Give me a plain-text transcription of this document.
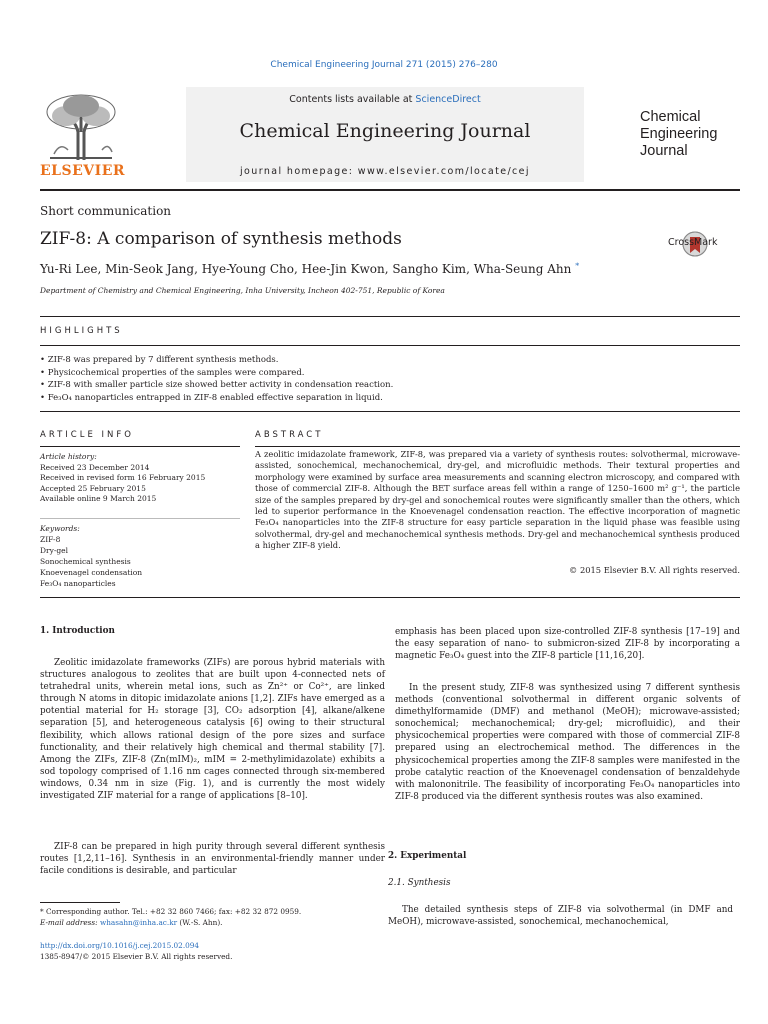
Chemical Engineering Journal 271 (2015) 276–280
ELSEVIER
Contents lists available at ScienceDirect
Chemical Engineering Journal
journal homepage: www.elsevier.com/locate/cej
Chemical
Engineering
Journal
Short communication
ZIF-8: A comparison of synthesis methods	CrossMark
Yu-Ri Lee, Min-Seok Jang, Hye-Young Cho, Hee-Jin Kwon, Sangho Kim, Wha-Seung Ahn *
Department of Chemistry and Chemical Engineering, Inha University, Incheon 402-751, Republic of Korea
HIGHLIGHTS
• ZIF-8 was prepared by 7 different synthesis methods.
• Physicochemical properties of the samples were compared.
• ZIF-8 with smaller particle size showed better activity in condensation reaction.
• Fe₃O₄ nanoparticles entrapped in ZIF-8 enabled effective separation in liquid.
ARTICLE INFO	ABSTRACT
Article history:
Received 23 December 2014
Received in revised form 16 February 2015
Accepted 25 February 2015
Available online 9 March 2015
Keywords:
ZIF-8
Dry-gel
Sonochemical synthesis
Knoevenagel condensation
Fe₃O₄ nanoparticles

A zeolitic imidazolate framework, ZIF-8, was prepared via a variety of synthesis routes: solvothermal, microwave-assisted, sonochemical, mechanochemical, dry-gel, and microfluidic methods. Their textural properties and morphology were examined by surface area measurements and scanning electron microscopy, and compared with those of commercial ZIF-8. Although the BET surface areas fell within a range of 1250–1600 m² g⁻¹, the particle size of the samples prepared by dry-gel and sonochemical routes were significantly smaller than the others, which led to superior performance in the Knoevenagel condensation reaction. The effective incorporation of magnetic Fe₃O₄ nanoparticles into the ZIF-8 structure for easy particle separation in the liquid phase was feasible using solvothermal, dry-gel and mechanochemical synthesis methods. Dry-gel and mechanochemical synthesis produced a higher ZIF-8 yield.

© 2015 Elsevier B.V. All rights reserved.
1. Introduction

Zeolitic imidazolate frameworks (ZIFs) are porous hybrid materials with structures analogous to zeolites that are built upon 4-connected nets of tetrahedral units, wherein metal ions, such as Zn²⁺ or Co²⁺, are linked through N atoms in ditopic imidazolate anions [1,2]. ZIFs have emerged as a potential material for H₂ storage [3], CO₂ adsorption [4], alkane/alkene separation [5], and heterogeneous catalysis [6] owing to their structural flexibility, which allows rational design of the pore sizes and surface functionality, and their relatively high chemical and thermal stability [7]. Among the ZIFs, ZIF-8 (Zn(mIM)₂, mIM = 2-methylimidazolate) exhibits a sod topology comprised of 1.16 nm cages connected through six-membered windows, 0.34 nm in size (Fig. 1), and is currently the most widely investigated ZIF material for a range of applications [8–10].

ZIF-8 can be prepared in high purity through several different synthesis routes [1,2,11–16]. Synthesis in an environmental-friendly manner under facile conditions is desirable, and particular

emphasis has been placed upon size-controlled ZIF-8 synthesis [17–19] and the easy separation of nano- to submicron-sized ZIF-8 by incorporating a magnetic Fe₃O₄ guest into the ZIF-8 particle [11,16,20].

In the present study, ZIF-8 was synthesized using 7 different synthesis methods (conventional solvothermal in different organic solvents of dimethylformamide (DMF) and methanol (MeOH); microwave-assisted; sonochemical; mechanochemical; dry-gel; microfluidic), and their physicochemical properties were compared with those of commercial ZIF-8 prepared using an electrochemical method. The differences in the physicochemical properties among the ZIF-8 samples were manifested in the probe catalytic reaction of the Knoevenagel condensation of benzaldehyde with malononitrile. The feasibility of incorporating Fe₃O₄ nanoparticles into ZIF-8 produced via the different synthesis routes was also examined.

2. Experimental
2.1. Synthesis

The detailed synthesis steps of ZIF-8 via solvothermal (in DMF and MeOH), microwave-assisted, sonochemical, mechanochemical,

* Corresponding author. Tel.: +82 32 860 7466; fax: +82 32 872 0959.
E-mail address: whasahn@inha.ac.kr (W.-S. Ahn).
http://dx.doi.org/10.1016/j.cej.2015.02.094
1385-8947/© 2015 Elsevier B.V. All rights reserved.
